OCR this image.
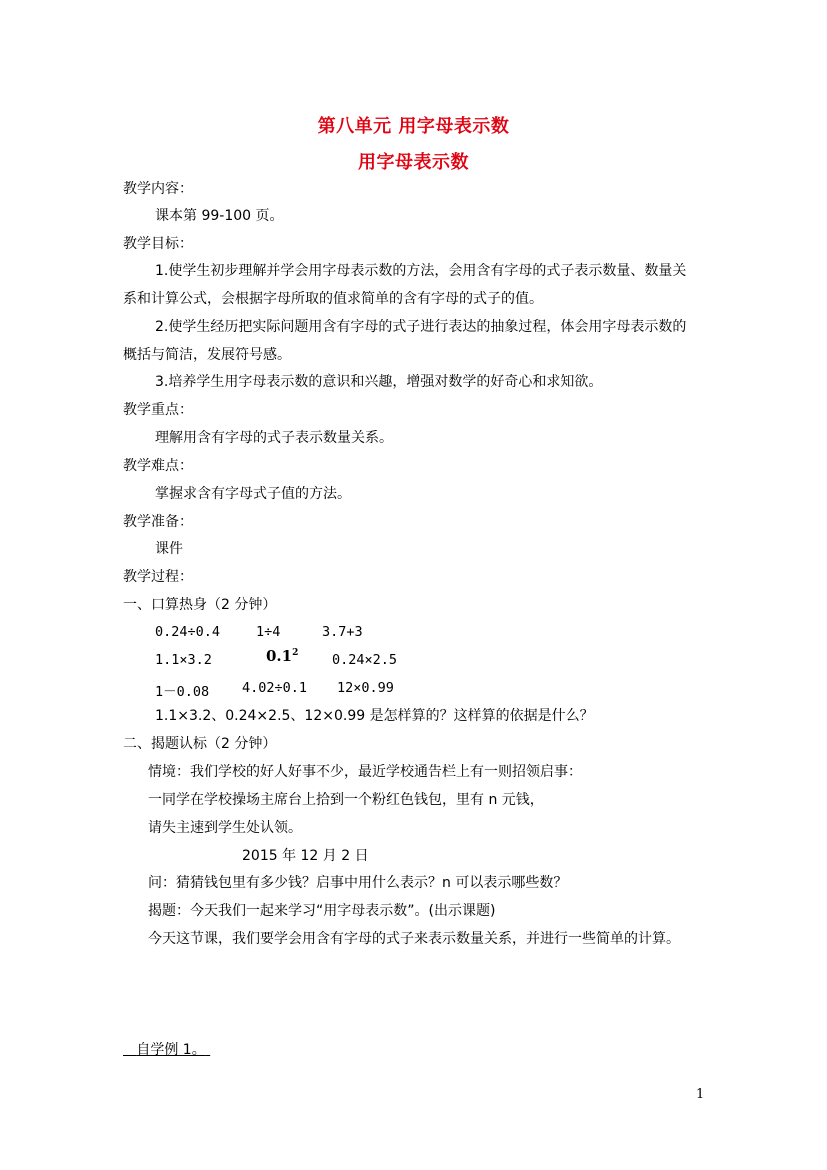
第八单元 用字母表示数
用字母表示数
教学内容：
课本第 99-100 页。
教学目标：
1.使学生初步理解并学会用字母表示数的方法，会用含有字母的式子表示数量、数量关
系和计算公式，会根据字母所取的值求简单的含有字母的式子的值。
2.使学生经历把实际问题用含有字母的式子进行表达的抽象过程，体会用字母表示数的
概括与简洁，发展符号感。
3.培养学生用字母表示数的意识和兴趣，增强对数学的好奇心和求知欲。
教学重点：
理解用含有字母的式子表示数量关系。
教学难点：
掌握求含有字母式子值的方法。
教学准备：
课件
教学过程：
一、口算热身（2 分钟）
0.24÷0.4	1÷4	3.7+3
1.1×3.2	$0.1^2$ 0.24×2.5
1－0.08 4.02÷0.1 12×0.99
1.1×3.2、0.24×2.5、12×0.99 是怎样算的？这样算的依据是什么？
二、揭题认标（2 分钟）
情境：我们学校的好人好事不少，最近学校通告栏上有一则招领启事：
一同学在学校操场主席台上拾到一个粉红色钱包，里有 n 元钱，
请失主速到学生处认领。
2015 年 12 月 2 日
问：猜猜钱包里有多少钱？启事中用什么表示？n 可以表示哪些数？
揭题：今天我们一起来学习“用字母表示数”。(出示课题)
今天这节课，我们要学会用含有字母的式子来表示数量关系，并进行一些简单的计算。
自学例 1。
1
